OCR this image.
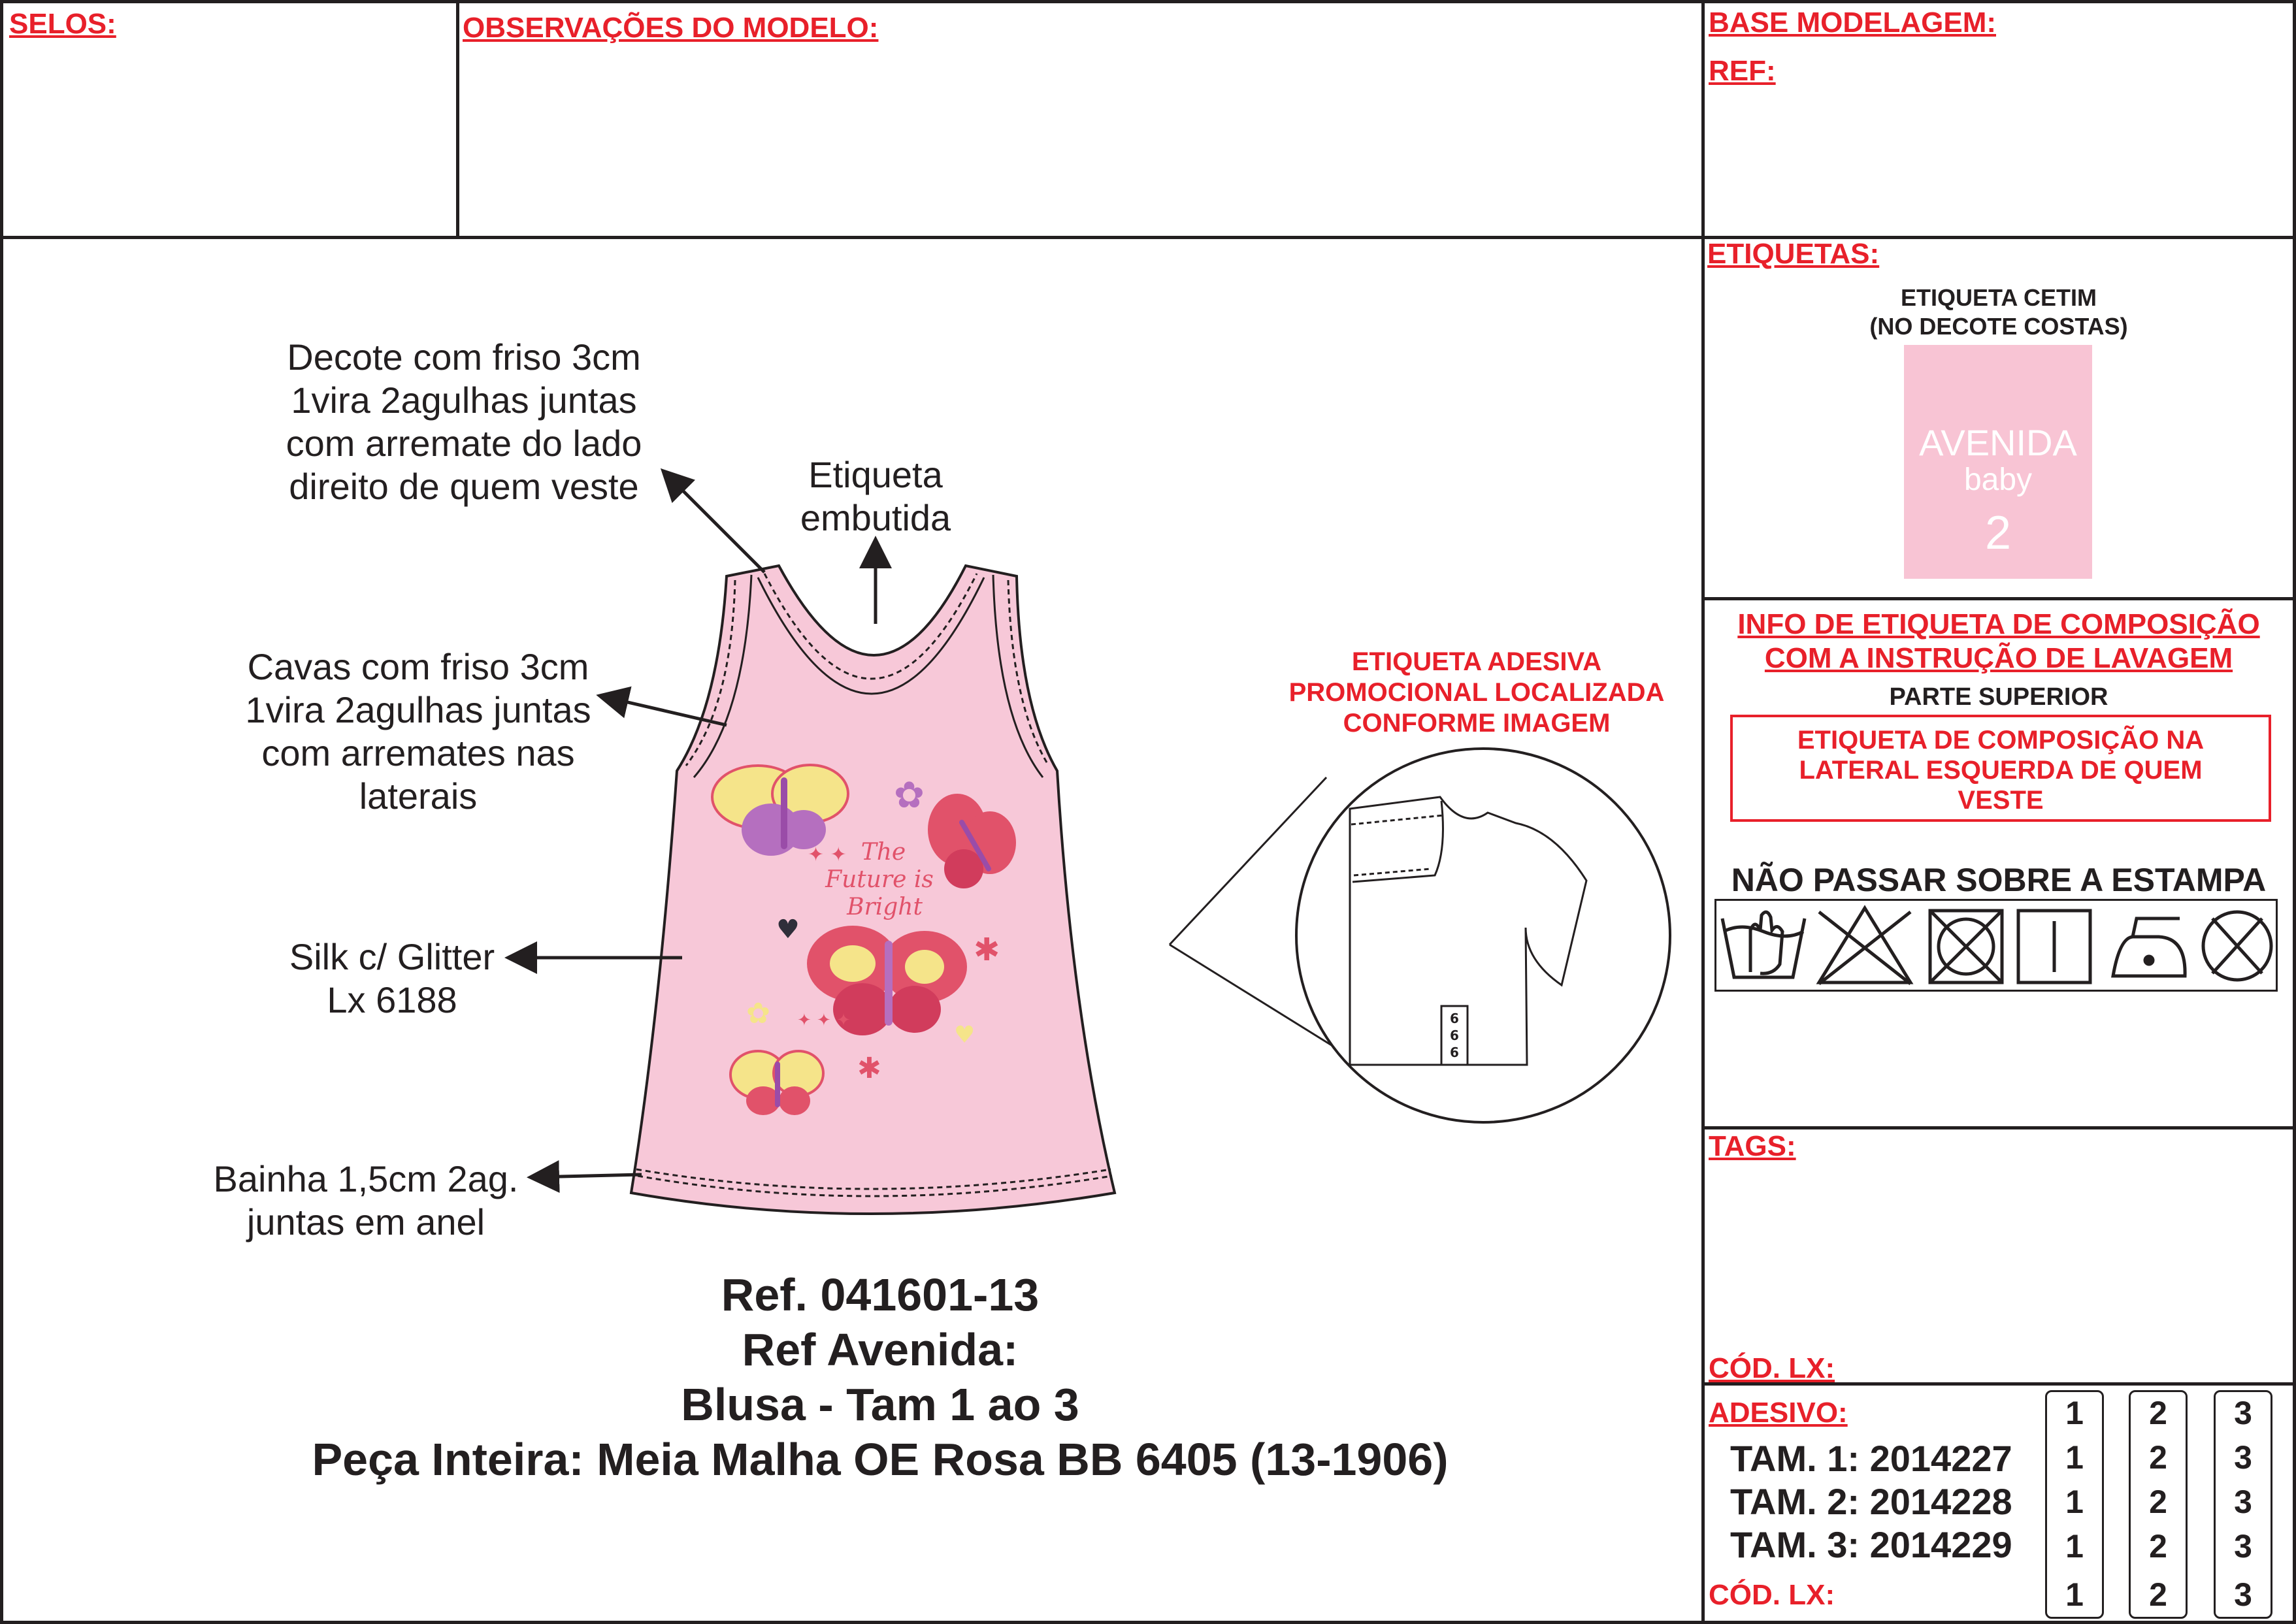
SELOS:	OBSERVAÇÕES DO MODELO:	BASE MODELAGEM:
REF:
ETIQUETAS:
TAGS:
CÓD. LX:
ADESIVO:
CÓD. LX:
Decote com friso 3cm
1vira 2agulhas juntas
com arremate do lado
direito de quem veste	Etiqueta
embutida
Cavas com friso 3cm
1vira 2agulhas juntas
com arremates nas
laterais
Silk c/ Glitter
Lx 6188
Bainha 1,5cm 2ag.
juntas em anel
ETIQUETA ADESIVA
PROMOCIONAL LOCALIZADA
CONFORME IMAGEM
✿
✱
✿
✱
♥
♥
✦ ✦
✦ ✦ ✦
The
Future is
Bright
6
6
6
Ref. 041601-13
Ref Avenida:
Blusa - Tam 1 ao 3
Peça Inteira: Meia Malha OE Rosa BB 6405 (13-1906)
ETIQUETA CETIM
(NO DECOTE COSTAS)
AVENIDA
baby
2
INFO DE ETIQUETA DE COMPOSIÇÃO
COM A INSTRUÇÃO DE LAVAGEM
PARTE SUPERIOR
ETIQUETA DE COMPOSIÇÃO NA
LATERAL ESQUERDA DE QUEM
VESTE
NÃO PASSAR SOBRE A ESTAMPA
TAM. 1: 2014227
TAM. 2: 2014228
TAM. 3: 2014229
1
1
1
1
1
2
2
2
2
2
3
3
3
3
3
